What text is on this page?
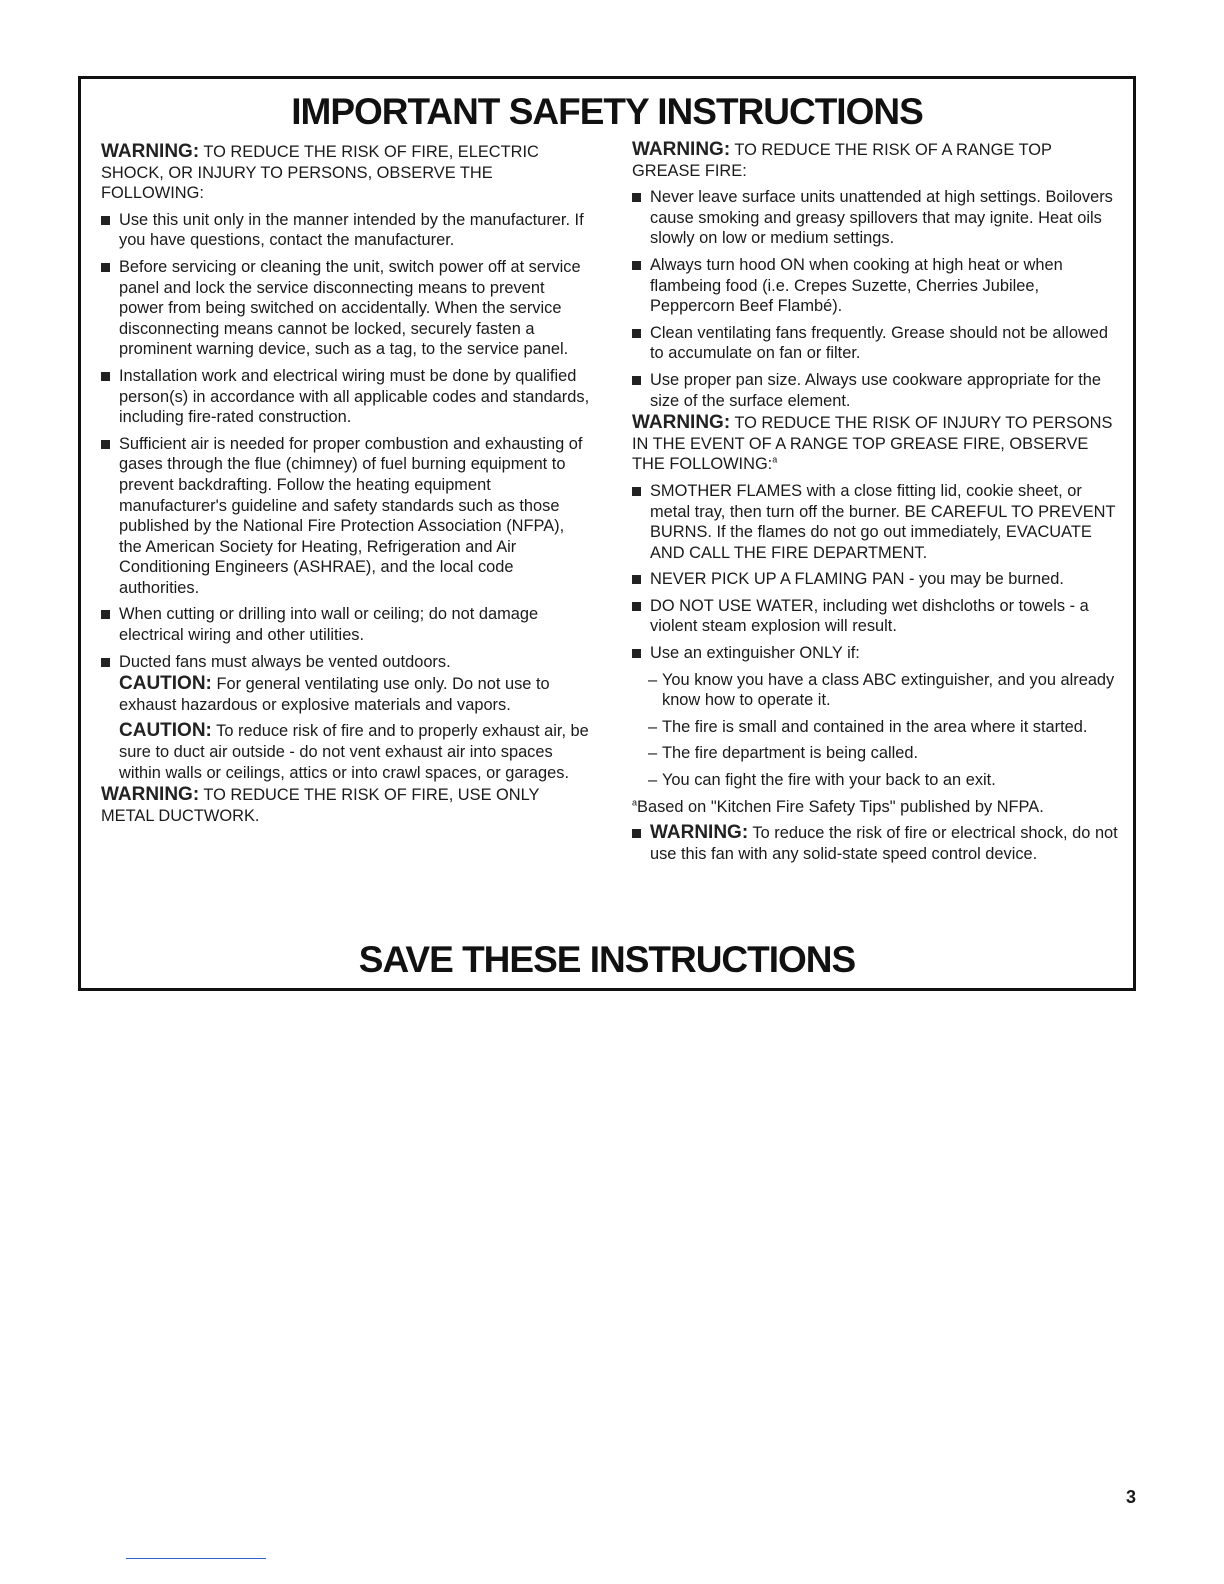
IMPORTANT SAFETY INSTRUCTIONS

WARNING: TO REDUCE THE RISK OF FIRE, ELECTRIC SHOCK, OR INJURY TO PERSONS, OBSERVE THE FOLLOWING:

Use this unit only in the manner intended by the manufacturer. If you have questions, contact the manufacturer.
Before servicing or cleaning the unit, switch power off at service panel and lock the service disconnecting means to prevent power from being switched on accidentally. When the service disconnecting means cannot be locked, securely fasten a prominent warning device, such as a tag, to the service panel.
Installation work and electrical wiring must be done by qualified person(s) in accordance with all applicable codes and standards, including fire-rated construction.
Sufficient air is needed for proper combustion and exhausting of gases through the flue (chimney) of fuel burning equipment to prevent backdrafting. Follow the heating equipment manufacturer's guideline and safety standards such as those published by the National Fire Protection Association (NFPA), the American Society for Heating, Refrigeration and Air Conditioning Engineers (ASHRAE), and the local code authorities.
When cutting or drilling into wall or ceiling; do not damage electrical wiring and other utilities.
Ducted fans must always be vented outdoors.

CAUTION: For general ventilating use only. Do not use to exhaust hazardous or explosive materials and vapors.

CAUTION: To reduce risk of fire and to properly exhaust air, be sure to duct air outside - do not vent exhaust air into spaces within walls or ceilings, attics or into crawl spaces, or garages.

WARNING: TO REDUCE THE RISK OF FIRE, USE ONLY METAL DUCTWORK.

WARNING: TO REDUCE THE RISK OF A RANGE TOP GREASE FIRE:

Never leave surface units unattended at high settings. Boilovers cause smoking and greasy spillovers that may ignite. Heat oils slowly on low or medium settings.
Always turn hood ON when cooking at high heat or when flambeing food (i.e. Crepes Suzette, Cherries Jubilee, Peppercorn Beef Flambé).
Clean ventilating fans frequently. Grease should not be allowed to accumulate on fan or filter.
Use proper pan size. Always use cookware appropriate for the size of the surface element.

WARNING: TO REDUCE THE RISK OF INJURY TO PERSONS IN THE EVENT OF A RANGE TOP GREASE FIRE, OBSERVE THE FOLLOWING:$^a$

SMOTHER FLAMES with a close fitting lid, cookie sheet, or metal tray, then turn off the burner. BE CAREFUL TO PREVENT BURNS. If the flames do not go out immediately, EVACUATE AND CALL THE FIRE DEPARTMENT.
NEVER PICK UP A FLAMING PAN - you may be burned.
DO NOT USE WATER, including wet dishcloths or towels - a violent steam explosion will result.
Use an extinguisher ONLY if:
– You know you have a class ABC extinguisher, and you already know how to operate it.
– The fire is small and contained in the area where it started.
– The fire department is being called.
– You can fight the fire with your back to an exit.

$^a$Based on "Kitchen Fire Safety Tips" published by NFPA.

WARNING: To reduce the risk of fire or electrical shock, do not use this fan with any solid-state speed control device.
SAVE THESE INSTRUCTIONS
3
